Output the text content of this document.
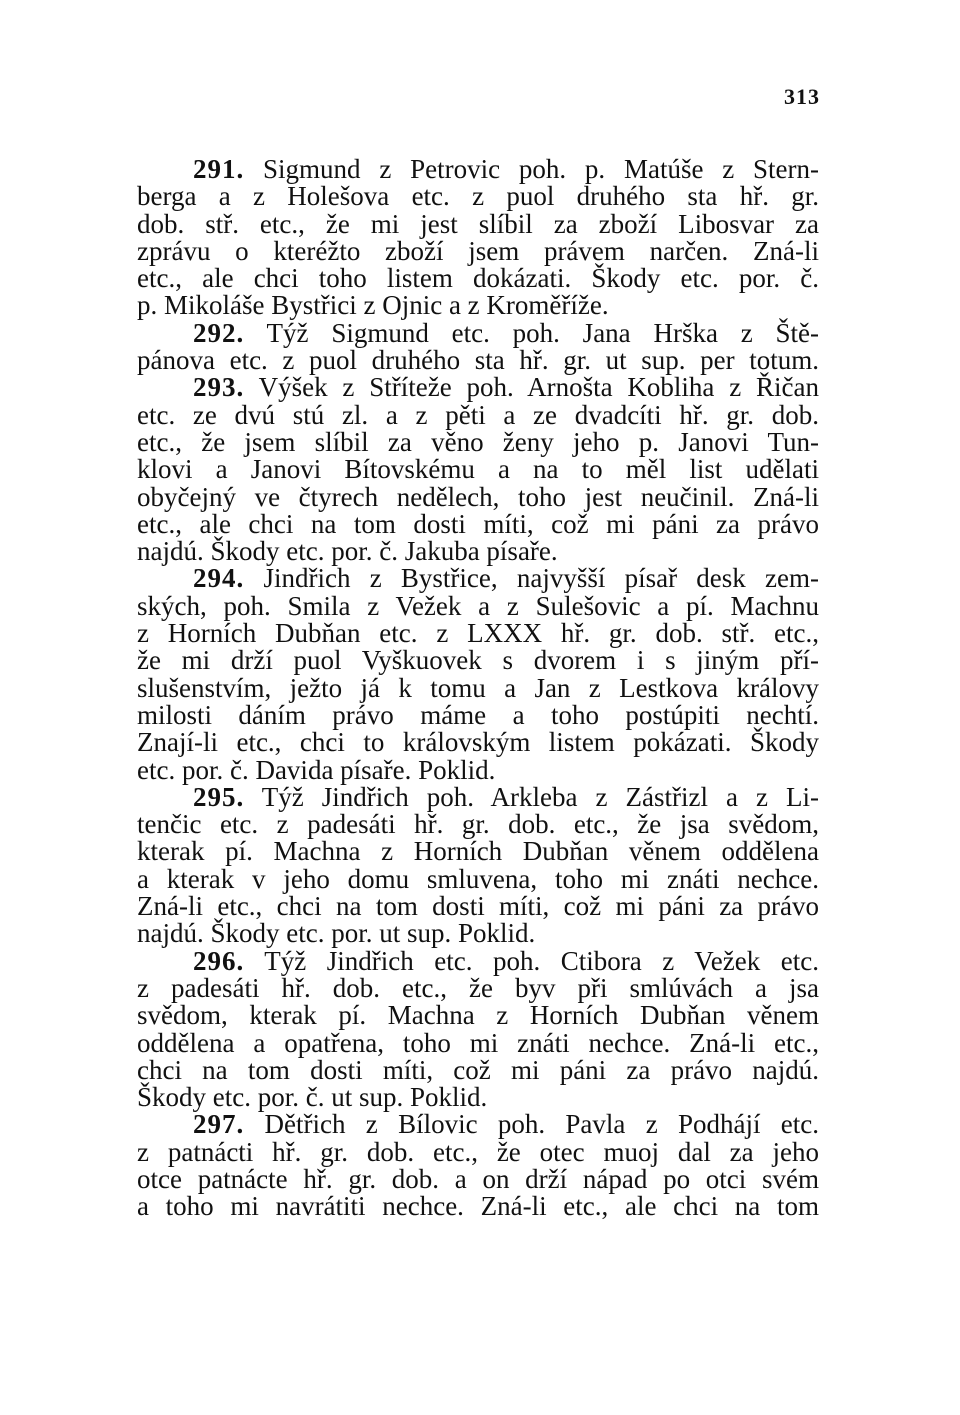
313
291. Sigmund z Petrovic poh. p. Matúše z Stern-
berga a z Holešova etc. z puol druhého sta hř. gr.
dob. stř. etc., že mi jest slíbil za zboží Libosvar za
zprávu o kteréžto zboží jsem právem narčen. Zná-li
etc., ale chci toho listem dokázati. Škody etc. por. č.
p. Mikoláše Bystřici z Ojnic a z Kroměříže.
292. Týž Sigmund etc. poh. Jana Hrška z Ště-
pánova etc. z puol druhého sta hř. gr. ut sup. per totum.
293. Výšek z Stříteže poh. Arnošta Kobliha z Řičan
etc. ze dvú stú zl. a z pěti a ze dvadcíti hř. gr. dob.
etc., že jsem slíbil za věno ženy jeho p. Janovi Tun-
klovi a Janovi Bítovskému a na to měl list udělati
obyčejný ve čtyrech nedělech, toho jest neučinil. Zná-li
etc., ale chci na tom dosti míti, což mi páni za právo
najdú. Škody etc. por. č. Jakuba písaře.
294. Jindřich z Bystřice, najvyšší písař desk zem-
ských, poh. Smila z Vežek a z Sulešovic a pí. Machnu
z Horních Dubňan etc. z LXXX hř. gr. dob. stř. etc.,
že mi drží puol Vyškuovek s dvorem i s jiným pří-
slušenstvím, ježto já k tomu a Jan z Lestkova královy
milosti dáním právo máme a toho postúpiti nechtí.
Znají-li etc., chci to královským listem pokázati. Škody
etc. por. č. Davida písaře. Poklid.
295. Týž Jindřich poh. Arkleba z Zástřizl a z Li-
tenčic etc. z padesáti hř. gr. dob. etc., že jsa svědom,
kterak pí. Machna z Horních Dubňan věnem oddělena
a kterak v jeho domu smluvena, toho mi znáti nechce.
Zná-li etc., chci na tom dosti míti, což mi páni za právo
najdú. Škody etc. por. ut sup. Poklid.
296. Týž Jindřich etc. poh. Ctibora z Vežek etc.
z padesáti hř. dob. etc., že byv při smlúvách a jsa
svědom, kterak pí. Machna z Horních Dubňan věnem
oddělena a opatřena, toho mi znáti nechce. Zná-li etc.,
chci na tom dosti míti, což mi páni za právo najdú.
Škody etc. por. č. ut sup. Poklid.
297. Dětřich z Bílovic poh. Pavla z Podhájí etc.
z patnácti hř. gr. dob. etc., že otec muoj dal za jeho
otce patnácte hř. gr. dob. a on drží nápad po otci svém
a toho mi navrátiti nechce. Zná-li etc., ale chci na tom
